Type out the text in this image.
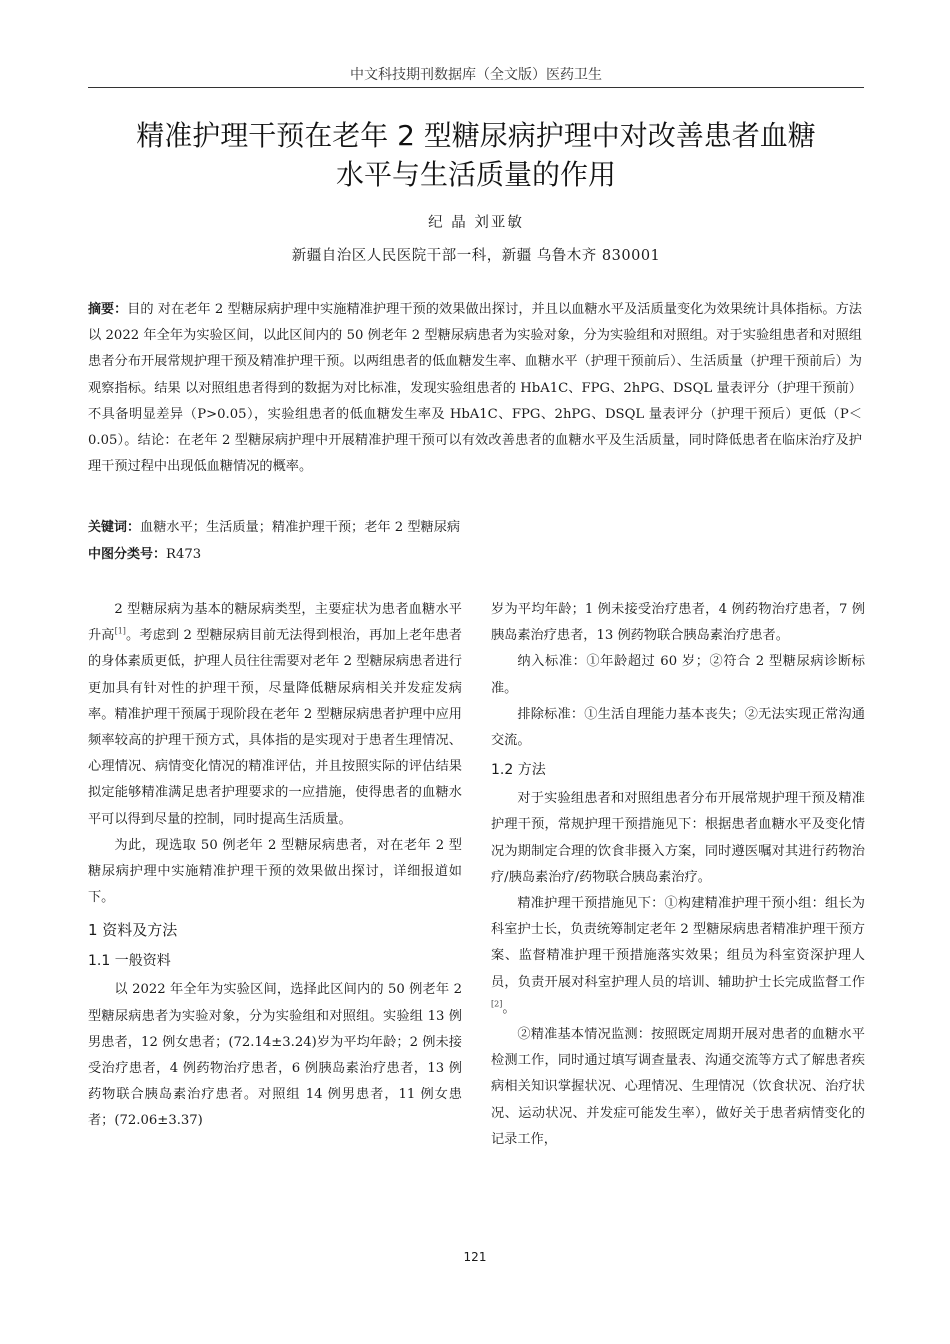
中文科技期刊数据库（全文版）医药卫生
精准护理干预在老年 2 型糖尿病护理中对改善患者血糖
水平与生活质量的作用
纪 晶 刘亚敏
新疆自治区人民医院干部一科，新疆 乌鲁木齐 830001
摘要：目的 对在老年 2 型糖尿病护理中实施精准护理干预的效果做出探讨，并且以血糖水平及活质量变化为效果统计具体指标。方法 以 2022 年全年为实验区间，以此区间内的 50 例老年 2 型糖尿病患者为实验对象，分为实验组和对照组。对于实验组患者和对照组患者分布开展常规护理干预及精准护理干预。以两组患者的低血糖发生率、血糖水平（护理干预前后）、生活质量（护理干预前后）为观察指标。结果 以对照组患者得到的数据为对比标准，发现实验组患者的 HbA1C、FPG、2hPG、DSQL 量表评分（护理干预前）不具备明显差异（P>0.05），实验组患者的低血糖发生率及 HbA1C、FPG、2hPG、DSQL 量表评分（护理干预后）更低（P＜0.05）。结论：在老年 2 型糖尿病护理中开展精准护理干预可以有效改善患者的血糖水平及生活质量，同时降低患者在临床治疗及护理干预过程中出现低血糖情况的概率。
关键词：血糖水平；生活质量；精准护理干预；老年 2 型糖尿病
中图分类号：R473

2 型糖尿病为基本的糖尿病类型，主要症状为患者血糖水平升高[1]。考虑到 2 型糖尿病目前无法得到根治，再加上老年患者的身体素质更低，护理人员往往需要对老年 2 型糖尿病患者进行更加具有针对性的护理干预，尽量降低糖尿病相关并发症发病率。精准护理干预属于现阶段在老年 2 型糖尿病患者护理中应用频率较高的护理干预方式，具体指的是实现对于患者生理情况、心理情况、病情变化情况的精准评估，并且按照实际的评估结果拟定能够精准满足患者护理要求的一应措施，使得患者的血糖水平可以得到尽量的控制，同时提高生活质量。

为此，现选取 50 例老年 2 型糖尿病患者，对在老年 2 型糖尿病护理中实施精准护理干预的效果做出探讨，详细报道如下。

1 资料及方法
1.1 一般资料

以 2022 年全年为实验区间，选择此区间内的 50 例老年 2 型糖尿病患者为实验对象，分为实验组和对照组。实验组 13 例男患者，12 例女患者；(72.14±3.24)岁为平均年龄；2 例未接受治疗患者，4 例药物治疗患者，6 例胰岛素治疗患者，13 例药物联合胰岛素治疗患者。对照组 14 例男患者，11 例女患者；(72.06±3.37)

岁为平均年龄；1 例未接受治疗患者，4 例药物治疗患者，7 例胰岛素治疗患者，13 例药物联合胰岛素治疗患者。

纳入标准：①年龄超过 60 岁；②符合 2 型糖尿病诊断标准。

排除标准：①生活自理能力基本丧失；②无法实现正常沟通交流。

1.2 方法

对于实验组患者和对照组患者分布开展常规护理干预及精准护理干预，常规护理干预措施见下：根据患者血糖水平及变化情况为期制定合理的饮食非摄入方案，同时遵医嘱对其进行药物治疗/胰岛素治疗/药物联合胰岛素治疗。

精准护理干预措施见下：①构建精准护理干预小组：组长为科室护士长，负责统筹制定老年 2 型糖尿病患者精准护理干预方案、监督精准护理干预措施落实效果；组员为科室资深护理人员，负责开展对科室护理人员的培训、辅助护士长完成监督工作[2]。

②精准基本情况监测：按照既定周期开展对患者的血糖水平检测工作，同时通过填写调查量表、沟通交流等方式了解患者疾病相关知识掌握状况、心理情况、生理情况（饮食状况、治疗状况、运动状况、并发症可能发生率），做好关于患者病情变化的记录工作，

121
